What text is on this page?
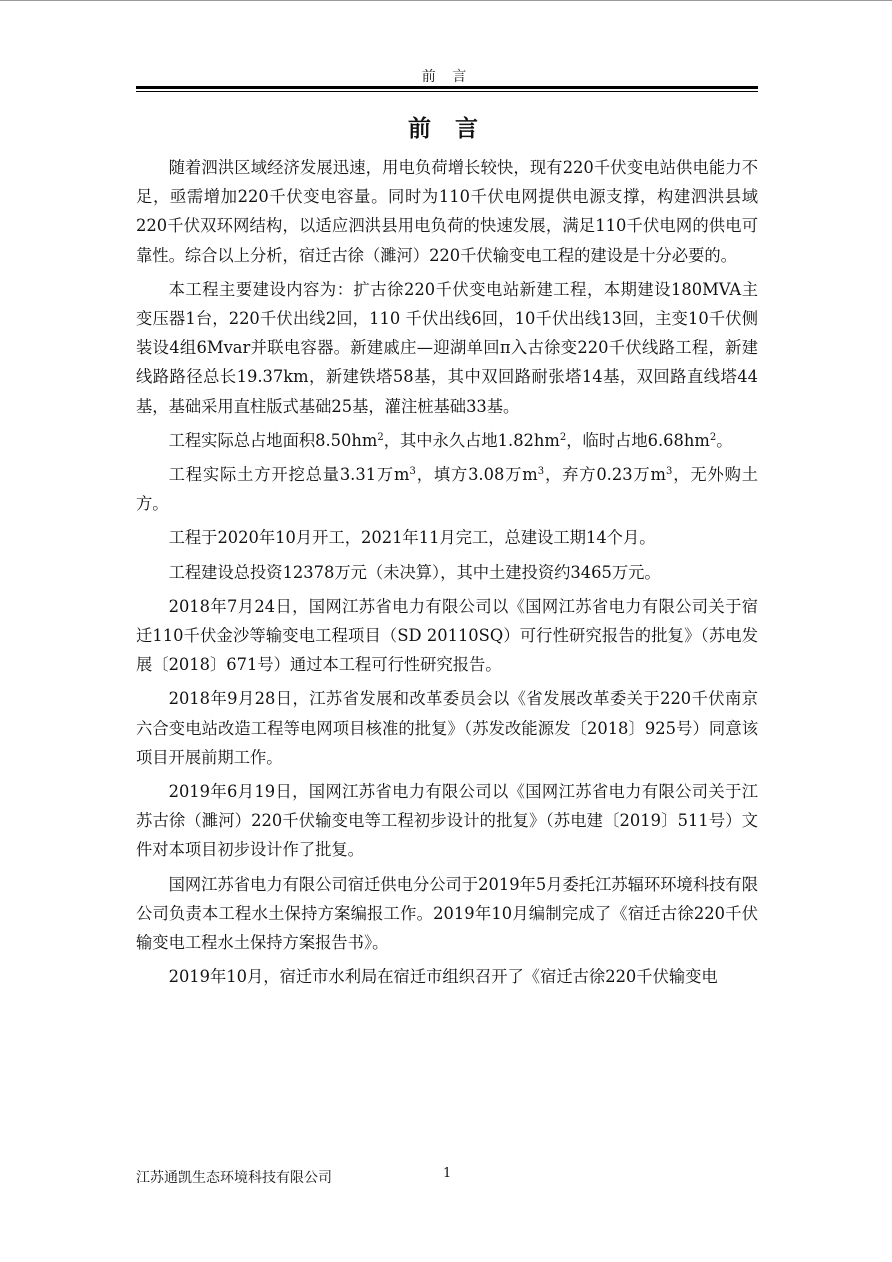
前 言
前 言

随着泗洪区域经济发展迅速，用电负荷增长较快，现有220千伏变电站供电能力不足，亟需增加220千伏变电容量。同时为110千伏电网提供电源支撑，构建泗洪县域220千伏双环网结构，以适应泗洪县用电负荷的快速发展，满足110千伏电网的供电可靠性。综合以上分析，宿迁古徐（濉河）220千伏输变电工程的建设是十分必要的。

本工程主要建设内容为：扩古徐220千伏变电站新建工程，本期建设180MVA主变压器1台，220千伏出线2回，110 千伏出线6回，10千伏出线13回，主变10千伏侧装设4组6Mvar并联电容器。新建戚庄—迎湖单回π入古徐变220千伏线路工程，新建线路路径总长19.37km，新建铁塔58基，其中双回路耐张塔14基，双回路直线塔44基，基础采用直柱版式基础25基，灌注桩基础33基。

工程实际总占地面积$8.50hm^2$，其中永久占地$1.82hm^2$，临时占地$6.68hm^2$。

工程实际土方开挖总量3.31万$m^3$，填方3.08万$m^3$，弃方0.23万$m^3$，无外购土方。

工程于2020年10月开工，2021年11月完工，总建设工期14个月。

工程建设总投资12378万元（未决算），其中土建投资约3465万元。

2018年7月24日，国网江苏省电力有限公司以《国网江苏省电力有限公司关于宿迁110千伏金沙等输变电工程项目（SD 20110SQ）可行性研究报告的批复》（苏电发展〔2018〕671号）通过本工程可行性研究报告。

2018年9月28日，江苏省发展和改革委员会以《省发展改革委关于220千伏南京六合变电站改造工程等电网项目核准的批复》（苏发改能源发〔2018〕925号）同意该项目开展前期工作。

2019年6月19日，国网江苏省电力有限公司以《国网江苏省电力有限公司关于江苏古徐（濉河）220千伏输变电等工程初步设计的批复》（苏电建〔2019〕511号）文件对本项目初步设计作了批复。

国网江苏省电力有限公司宿迁供电分公司于2019年5月委托江苏辐环环境科技有限公司负责本工程水土保持方案编报工作。2019年10月编制完成了《宿迁古徐220千伏输变电工程水土保持方案报告书》。

2019年10月，宿迁市水利局在宿迁市组织召开了《宿迁古徐220千伏输变电

江苏通凯生态环境科技有限公司	1
